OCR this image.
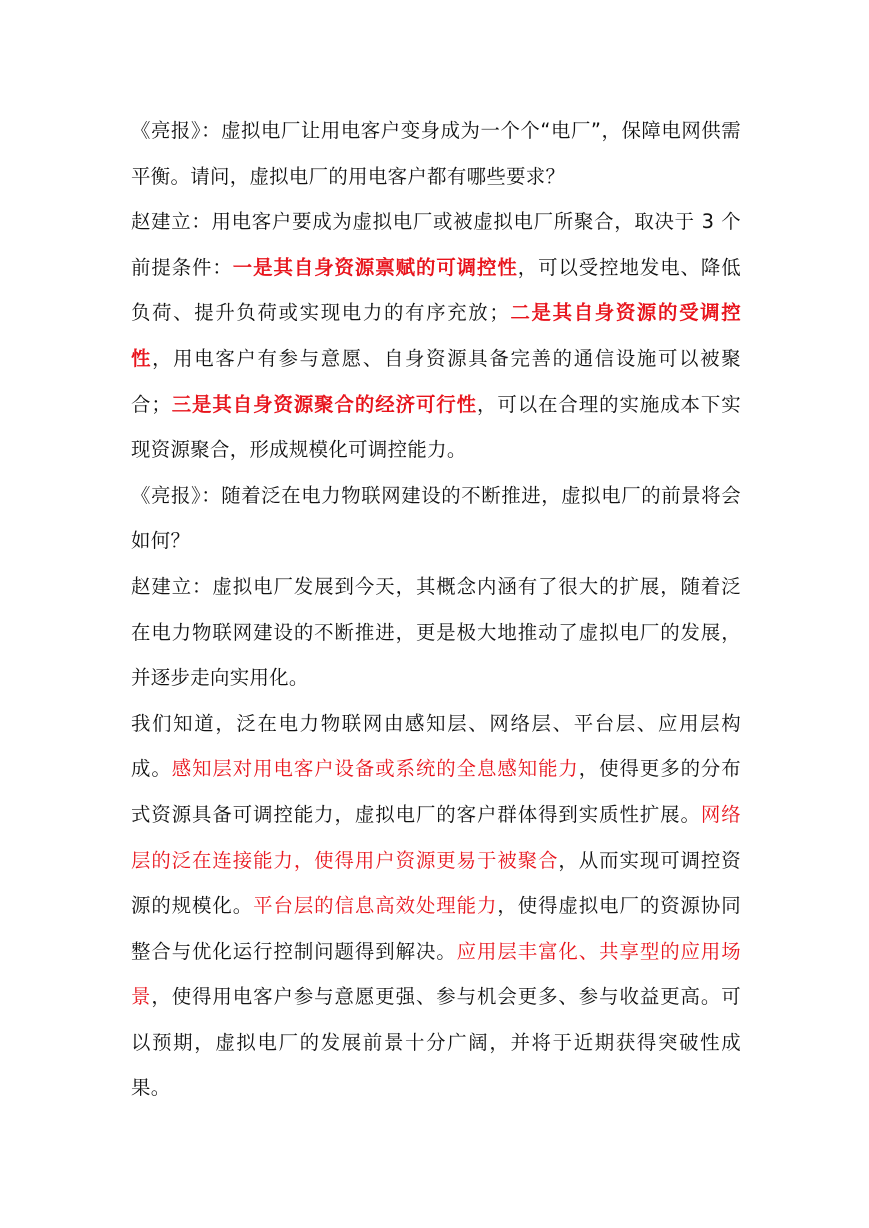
《亮报》：虚拟电厂让用电客户变身成为一个个“电厂”，保障电网供需平衡。请问，虚拟电厂的用电客户都有哪些要求？

赵建立：用电客户要成为虚拟电厂或被虚拟电厂所聚合，取决于 3 个前提条件：一是其自身资源禀赋的可调控性，可以受控地发电、降低负荷、提升负荷或实现电力的有序充放；二是其自身资源的受调控性，用电客户有参与意愿、自身资源具备完善的通信设施可以被聚合；三是其自身资源聚合的经济可行性，可以在合理的实施成本下实现资源聚合，形成规模化可调控能力。

《亮报》：随着泛在电力物联网建设的不断推进，虚拟电厂的前景将会如何？

赵建立：虚拟电厂发展到今天，其概念内涵有了很大的扩展，随着泛在电力物联网建设的不断推进，更是极大地推动了虚拟电厂的发展，并逐步走向实用化。

我们知道，泛在电力物联网由感知层、网络层、平台层、应用层构成。感知层对用电客户设备或系统的全息感知能力，使得更多的分布式资源具备可调控能力，虚拟电厂的客户群体得到实质性扩展。网络层的泛在连接能力，使得用户资源更易于被聚合，从而实现可调控资源的规模化。平台层的信息高效处理能力，使得虚拟电厂的资源协同整合与优化运行控制问题得到解决。应用层丰富化、共享型的应用场景，使得用电客户参与意愿更强、参与机会更多、参与收益更高。可以预期，虚拟电厂的发展前景十分广阔，并将于近期获得突破性成果。
